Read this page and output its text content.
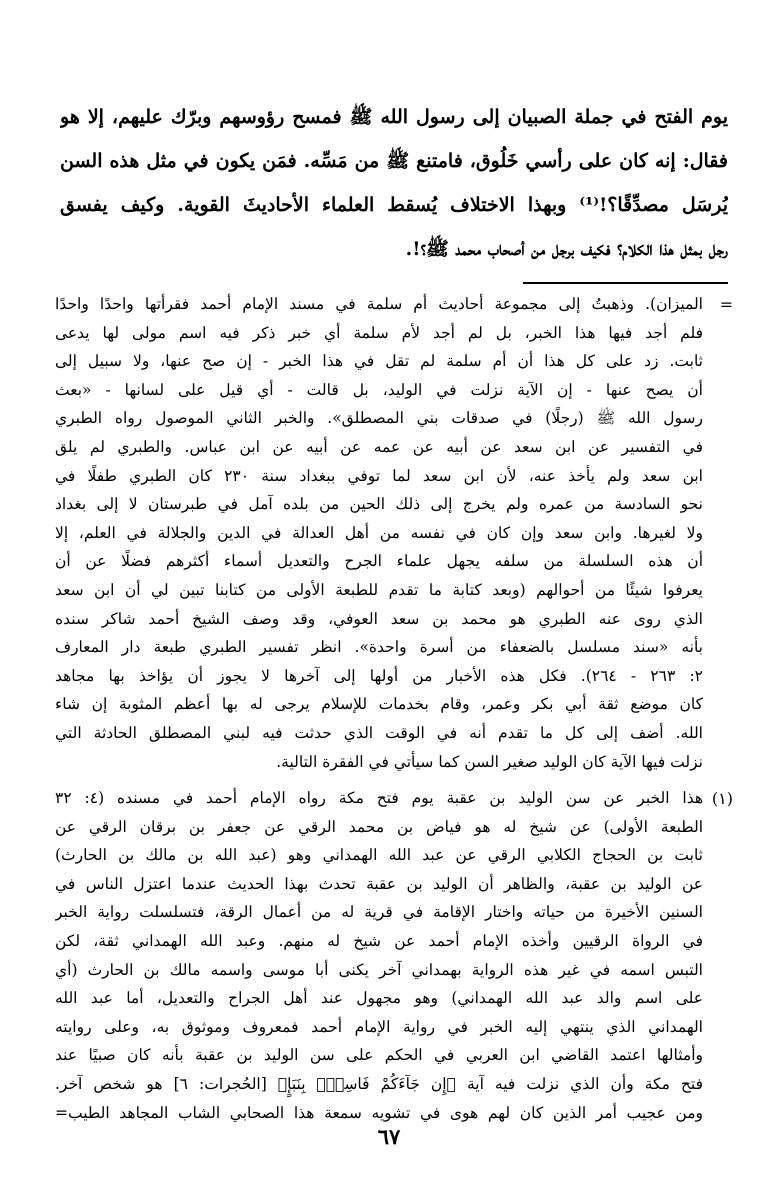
يوم الفتح في جملة الصبيان إلى رسول الله ﷺ فمسح رؤوسهم وبرّك عليهم، إلا هو
فقال: إنه كان على رأسي خَلُوق، فامتنع ﷺ من مَسِّه. فمَن يكون في مثل هذه السن
يُرسَل مصدِّقًا؟!⁽¹⁾ وبهذا الاختلاف يُسقط العلماء الأحاديثَ القوية. وكيف يفسق
رجل بمثل هذا الكلام؟ فكيف برجل من أصحاب محمد ﷺ؟!.
=
الميزان). وذهبتُ إلى مجموعة أحاديث أم سلمة في مسند الإمام أحمد فقرأتها واحدًا واحدًا
فلم أجد فيها هذا الخبر، بل لم أجد لأم سلمة أي خبر ذكر فيه اسم مولى لها يدعى
ثابت. زد على كل هذا أن أم سلمة لم تقل في هذا الخبر - إن صح عنها، ولا سبيل إلى
أن يصح عنها - إن الآية نزلت في الوليد، بل قالت - أي قيل على لسانها - «بعث
رسول الله ﷺ (رجلًا) في صدقات بني المصطلق». والخبر الثاني الموصول رواه الطبري
في التفسير عن ابن سعد عن أبيه عن عمه عن أبيه عن ابن عباس. والطبري لم يلق
ابن سعد ولم يأخذ عنه، لأن ابن سعد لما توفي ببغداد سنة ٢٣٠ كان الطبري طفلًا في
نحو السادسة من عمره ولم يخرج إلى ذلك الحين من بلده آمل في طبرستان لا إلى بغداد
ولا لغيرها. وابن سعد وإن كان في نفسه من أهل العدالة في الدين والجلالة في العلم، إلا
أن هذه السلسلة من سلفه يجهل علماء الجرح والتعديل أسماء أكثرهم فضلًا عن أن
يعرفوا شيئًا من أحوالهم (وبعد كتابة ما تقدم للطبعة الأولى من كتابنا تبين لي أن ابن سعد
الذي روى عنه الطبري هو محمد بن سعد العوفي، وقد وصف الشيخ أحمد شاكر سنده
بأنه «سند مسلسل بالضعفاء من أسرة واحدة». انظر تفسير الطبري طبعة دار المعارف
٢: ٢٦٣ - ٢٦٤). فكل هذه الأخبار من أولها إلى آخرها لا يجوز أن يؤاخذ بها مجاهد
كان موضع ثقة أبي بكر وعمر، وقام بخدمات للإسلام يرجى له بها أعظم المثوبة إن شاء
الله. أضف إلى كل ما تقدم أنه في الوقت الذي حدثت فيه لبني المصطلق الحادثة التي
نزلت فيها الآية كان الوليد صغير السن كما سيأتي في الفقرة التالية.
(١)
هذا الخبر عن سن الوليد بن عقبة يوم فتح مكة رواه الإمام أحمد في مسنده (٤: ٣٢
الطبعة الأولى) عن شيخ له هو فياض بن محمد الرقي عن جعفر بن برقان الرقي عن
ثابت بن الحجاج الكلابي الرقي عن عبد الله الهمداني وهو (عبد الله بن مالك بن الحارث)
عن الوليد بن عقبة، والظاهر أن الوليد بن عقبة تحدث بهذا الحديث عندما اعتزل الناس في
السنين الأخيرة من حياته واختار الإقامة في قرية له من أعمال الرقة، فتسلسلت رواية الخبر
في الرواة الرقيين وأخذه الإمام أحمد عن شيخ له منهم. وعبد الله الهمداني ثقة، لكن
التبس اسمه في غير هذه الرواية بهمداني آخر يكنى أبا موسى واسمه مالك بن الحارث (أي
على اسم والد عبد الله الهمداني) وهو مجهول عند أهل الجراح والتعديل، أما عبد الله
الهمداني الذي ينتهي إليه الخبر في رواية الإمام أحمد فمعروف وموثوق به، وعلى روايته
وأمثالها اعتمد القاضي ابن العربي في الحكم على سن الوليد بن عقبة بأنه كان صبيًا عند
فتح مكة وأن الذي نزلت فيه آية ﴿إِن جَآءَكُمْ فَاسِقٌۢ بِنَبَإٍ﴾ [الحُجرات: ٦] هو شخص آخر.
ومن عجيب أمر الذين كان لهم هوى في تشويه سمعة هذا الصحابي الشاب المجاهد الطيب=
٦٧
